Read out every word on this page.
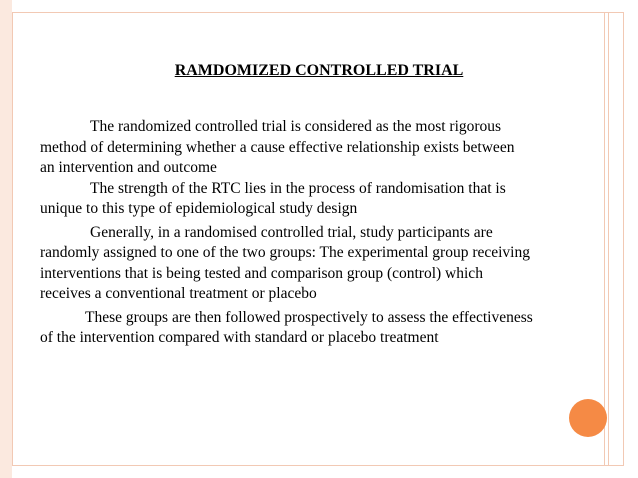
RAMDOMIZED CONTROLLED TRIAL

The randomized controlled trial is considered as the most rigorous
method of determining whether a cause effective relationship exists between
an intervention and outcome

The strength of the RTC lies in the process of randomisation that is
unique to this type of epidemiological study design

Generally, in a randomised controlled trial, study participants are
randomly assigned to one of the two groups: The experimental group receiving
interventions that is being tested and comparison group (control) which
receives a conventional treatment or placebo

These groups are then followed prospectively to assess the effectiveness
of the intervention compared with standard or placebo treatment
